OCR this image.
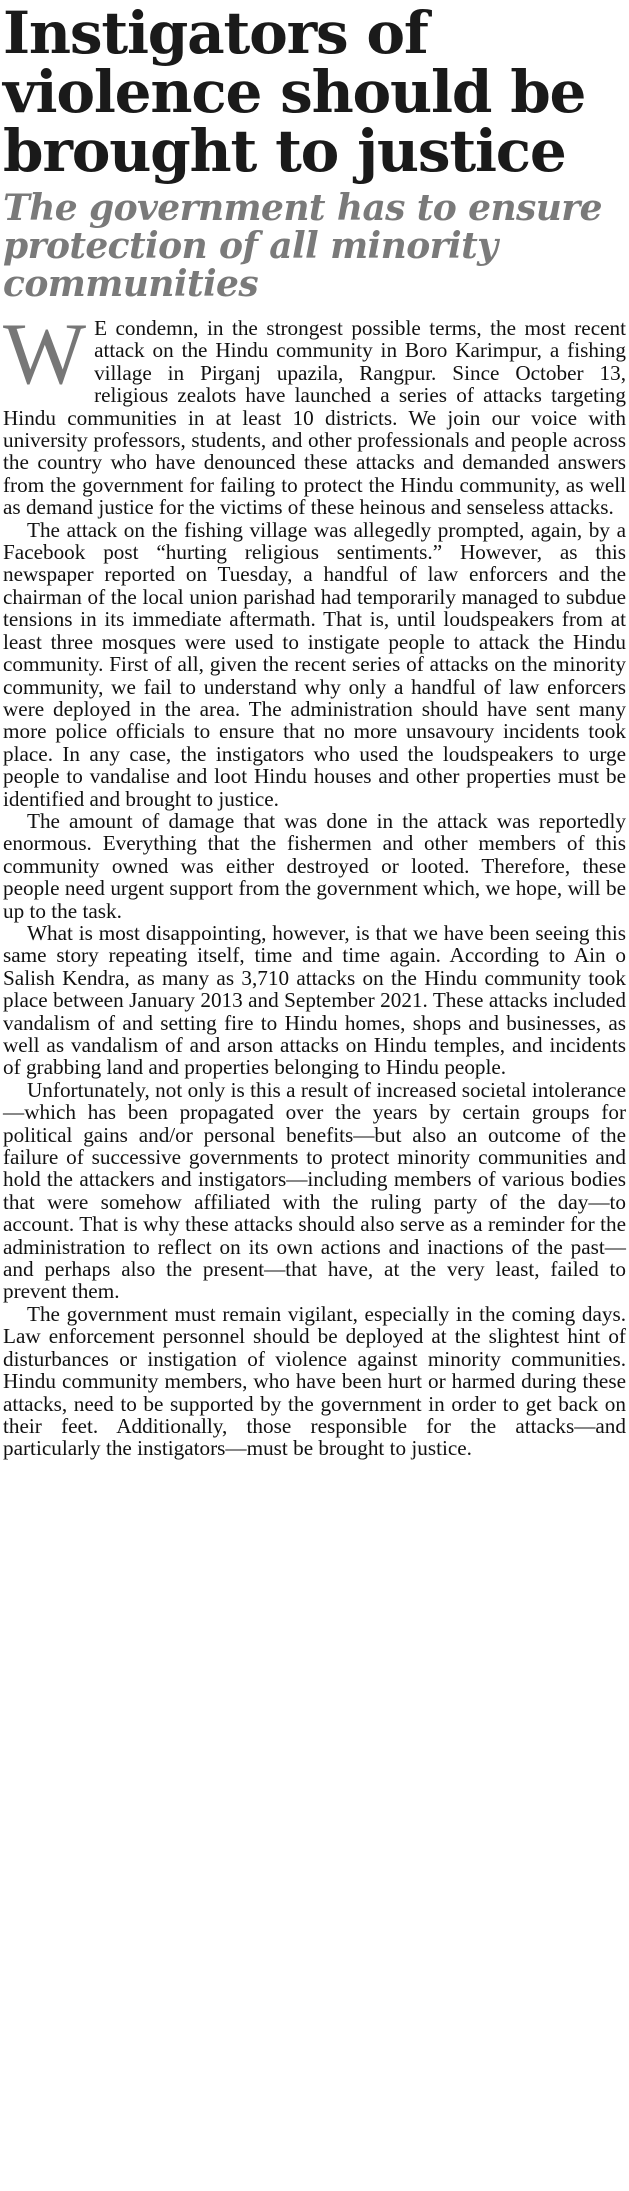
Instigators of violence should be brought to justice
The government has to ensure protection of all minority communities

W E condemn, in the strongest possible terms, the most recent attack on the Hindu community in Boro Karimpur, a fishing village in Pirganj upazila, Rangpur. Since October 13, religious zealots have launched a series of attacks targeting Hindu communities in at least 10 districts. We join our voice with university professors, students, and other professionals and people across the country who have denounced these attacks and demanded answers from the government for failing to protect the Hindu community, as well as demand justice for the victims of these heinous and senseless attacks.

The attack on the fishing village was allegedly prompted, again, by a Facebook post “hurting religious sentiments.” However, as this newspaper reported on Tuesday, a handful of law enforcers and the chairman of the local union parishad had temporarily managed to subdue tensions in its immediate aftermath. That is, until loudspeakers from at least three mosques were used to instigate people to attack the Hindu community. First of all, given the recent series of attacks on the minority community, we fail to understand why only a handful of law enforcers were deployed in the area. The administration should have sent many more police officials to ensure that no more unsavoury incidents took place. In any case, the instigators who used the loudspeakers to urge people to vandalise and loot Hindu houses and other properties must be identified and brought to justice.

The amount of damage that was done in the attack was reportedly enormous. Everything that the fishermen and other members of this community owned was either destroyed or looted. Therefore, these people need urgent support from the government which, we hope, will be up to the task.

What is most disappointing, however, is that we have been seeing this same story repeating itself, time and time again. According to Ain o Salish Kendra, as many as 3,710 attacks on the Hindu community took place between January 2013 and September 2021. These attacks included vandalism of and setting fire to Hindu homes, shops and businesses, as well as vandalism of and arson attacks on Hindu temples, and incidents of grabbing land and properties belonging to Hindu people.

Unfortunately, not only is this a result of increased societal intolerance—which has been propagated over the years by certain groups for political gains and/or personal benefits—but also an outcome of the failure of successive governments to protect minority communities and hold the attackers and instigators—including members of various bodies that were somehow affiliated with the ruling party of the day—to account. That is why these attacks should also serve as a reminder for the administration to reflect on its own actions and inactions of the past—and perhaps also the present—that have, at the very least, failed to prevent them.

The government must remain vigilant, especially in the coming days. Law enforcement personnel should be deployed at the slightest hint of disturbances or instigation of violence against minority communities. Hindu community members, who have been hurt or harmed during these attacks, need to be supported by the government in order to get back on their feet. Additionally, those responsible for the attacks—and particularly the instigators—must be brought to justice.
